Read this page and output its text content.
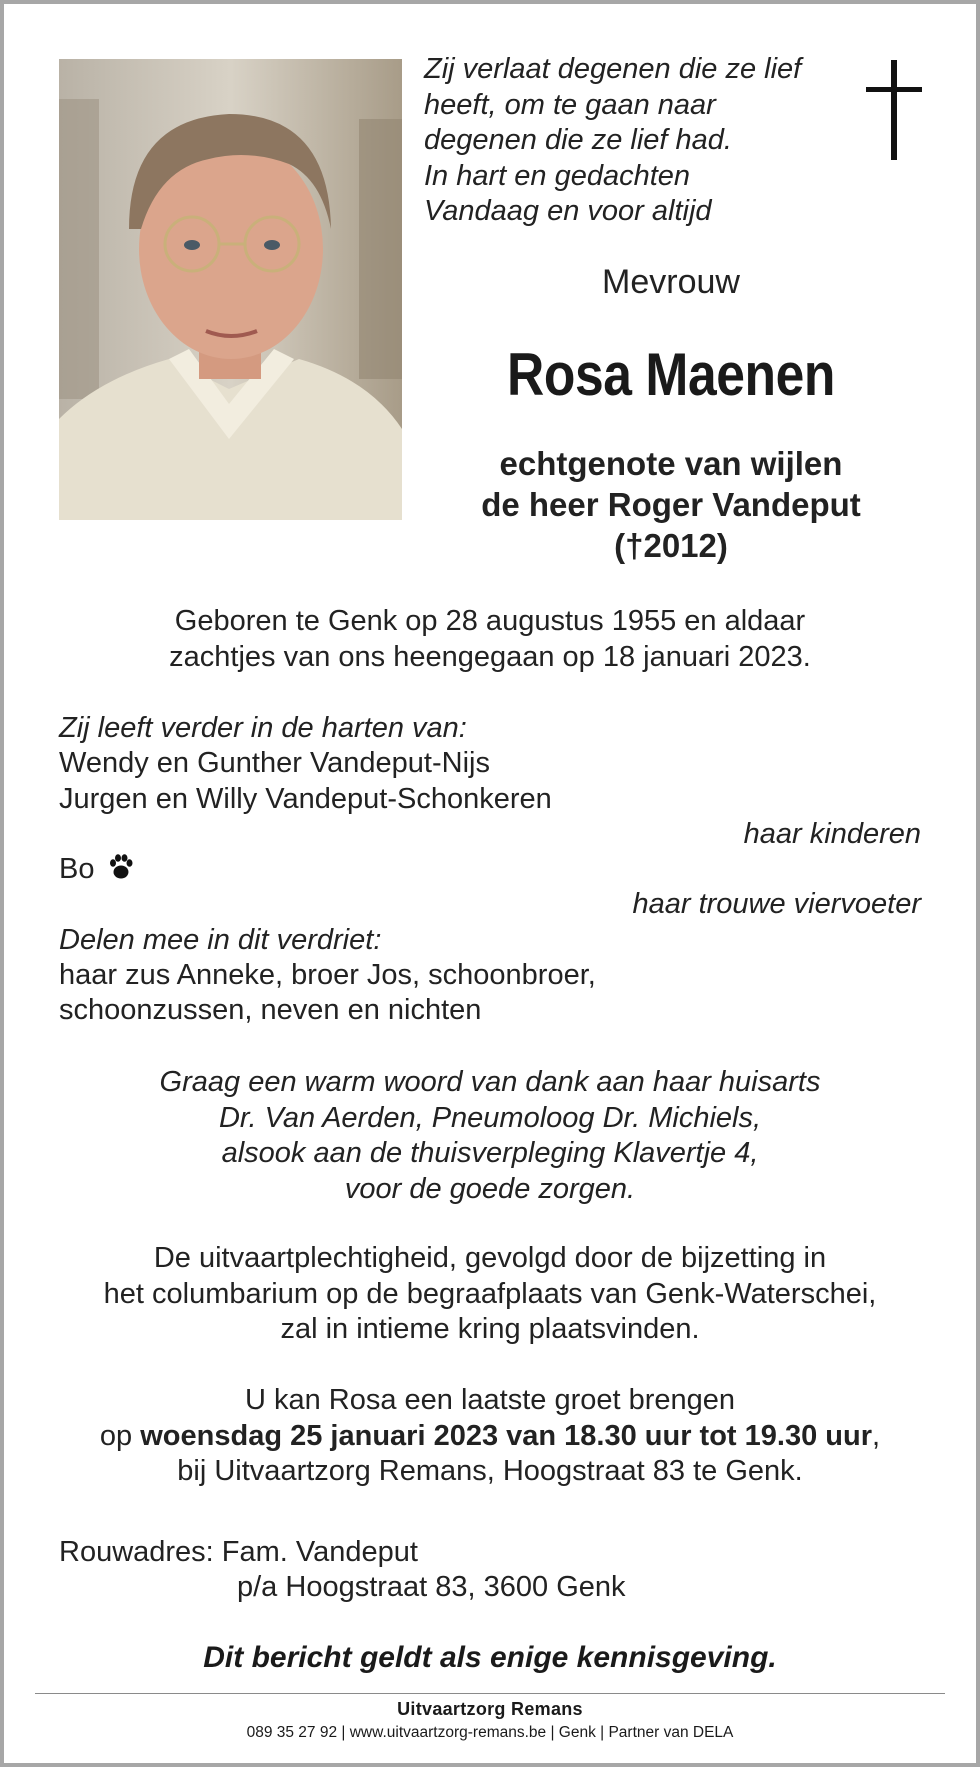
Zij verlaat degenen die ze lief
heeft, om te gaan naar
degenen die ze lief had.
In hart en gedachten
Vandaag en voor altijd
Mevrouw
Rosa Maenen
echtgenote van wijlen
de heer Roger Vandeput
(†2012)
Geboren te Genk op 28 augustus 1955 en aldaar
zachtjes van ons heengegaan op 18 januari 2023.
Zij leeft verder in de harten van:
Wendy en Gunther Vandeput-Nijs
Jurgen en Willy Vandeput-Schonkeren
haar kinderen
Bo
haar trouwe viervoeter
Delen mee in dit verdriet:
haar zus Anneke, broer Jos, schoonbroer,
schoonzussen, neven en nichten
Graag een warm woord van dank aan haar huisarts
Dr. Van Aerden, Pneumoloog Dr. Michiels,
alsook aan de thuisverpleging Klavertje 4,
voor de goede zorgen.
De uitvaartplechtigheid, gevolgd door de bijzetting in
het columbarium op de begraafplaats van Genk-Waterschei,
zal in intieme kring plaatsvinden.
U kan Rosa een laatste groet brengen
op woensdag 25 januari 2023 van 18.30 uur tot 19.30 uur,
bij Uitvaartzorg Remans, Hoogstraat 83 te Genk.
Rouwadres: Fam. Vandeput
p/a Hoogstraat 83, 3600 Genk
Dit bericht geldt als enige kennisgeving.
Uitvaartzorg Remans
089 35 27 92 | www.uitvaartzorg-remans.be | Genk | Partner van DELA
